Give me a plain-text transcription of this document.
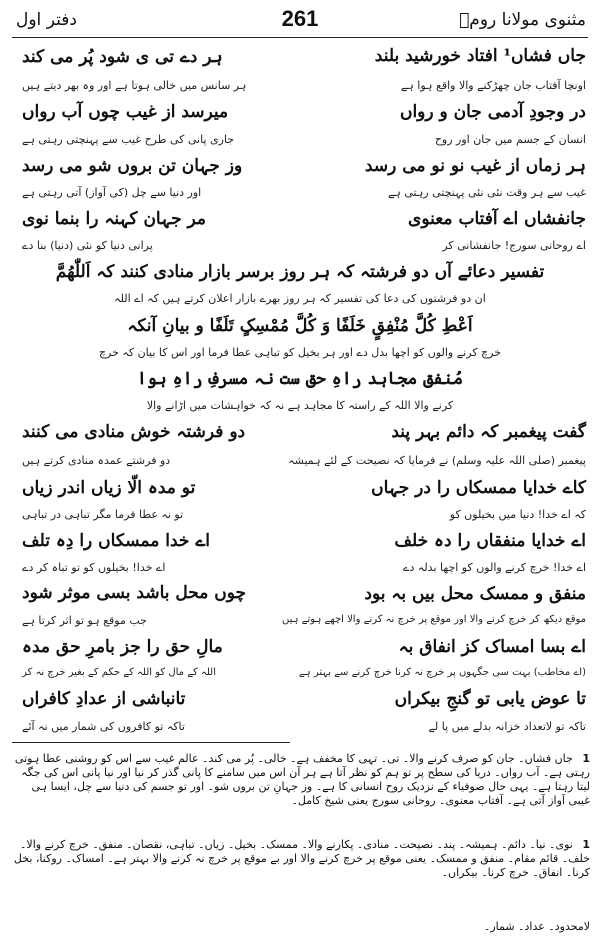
مثنوی مولانا رومؒ
261
دفتر اول
جاں فشاں¹ افتاد خورشید بلند
ہر دے تی ی شود پُر می کند
اونچا آفتاب جان چھڑکنے والا واقع ہوا ہے
ہر سانس میں خالی ہوتا ہے اور وہ بھر دیتے ہیں
در وجودِ آدمی جان و رواں
میرسد از غیب چوں آب رواں
انسان کے جسم میں جان اور روح
جاری پانی کی طرح غیب سے پہنچتی رہتی ہے
ہر زماں از غیب نو نو می رسد
وز جہان تن بروں شو می رسد
غیب سے ہر وقت نئی نئی پہنچتی رہتی ہے
اور دنیا سے چل (کی آواز) آتی رہتی ہے
جانفشاں اے آفتاب معنوی
مر جہان کہنہ را بنما نوی
اے روحانی سورج! جانفشانی کر
پرانی دنیا کو نئی (دنیا) بنا دے
تفسیر دعائے آں دو فرشتہ کہ ہر روز برسر بازار منادی کنند کہ اَللّٰھُمَّ
ان دو فرشتوں کی دعا کی تفسیر کہ ہر روز بھرے بازار اعلان کرتے ہیں کہ اے اللہ
اَعْطِ کُلَّ مُنْفِقٍ خَلَفًا وَ کُلَّ مُمْسِکٍ تَلَفًا و بیانِ آنکہ
خرچ کرنے والوں کو اچھا بدل دے اور ہر بخیل کو تباہی عطا فرما اور اس کا بیان کہ خرچ
مُنفق مجاہد راہِ حق ست نہ مسرفِ راہِ ہوا
کرنے والا اللہ کے راستہ کا مجاہد ہے نہ کہ خواہشات میں اڑانے والا
گفت پیغمبر کہ دائم بہر پند
دو فرشتہ خوش منادی می کنند
پیغمبر (صلی اللہ علیہ وسلم) نے فرمایا کہ نصیحت کے لئے ہمیشہ
دو فرشتے عمدہ منادی کرتے ہیں
کاے خدایا ممسکاں را در جہاں
تو مدہ الّا زیاں اندر زیاں
کہ اے خدا! دنیا میں بخیلوں کو
تو نہ عطا فرما مگر تباہی در تباہی
اے خدایا منفقاں را دہ خلف
اے خدا ممسکاں را دِہ تلف
اے خدا! خرچ کرنے والوں کو اچھا بدلہ دے
اے خدا! بخیلوں کو تو تباہ کر دے
منفق و ممسک محل بیں بہ بود
چوں محل باشد بسی موثر شود
موقع دیکھ کر خرچ کرنے والا اور موقع پر خرچ نہ کرنے والا اچھے ہوتے ہیں
جب موقع ہو تو اثر کرتا ہے
اے بسا امساک کز انفاق بہ
مالِ حق را جز بامرِ حق مدہ
(اے مخاطب) بہت سی جگہوں پر خرچ نہ کرنا خرچ کرنے سے بہتر ہے
اللہ کے مال کو اللہ کے حکم کے بغیر خرچ نہ کر
تا عوض یابی تو گنجِ بیکراں
تانباشی از عدادِ کافراں
تاکہ تو لاتعداد خزانہ بدلے میں پا لے
تاکہ تو کافروں کی شمار میں نہ آئے
1 جاں فشاں۔ جان کو صرف کرنے والا۔ تی۔ تہی کا مخفف ہے۔ خالی۔ پُر می کند۔ عالم غیب سے اس کو روشنی عطا ہوتی رہتی ہے۔ آب رواں۔ دریا کی سطح پر تو ہم کو نظر آتا ہے ہر آن اس میں سامنے کا پانی گذر کر نیا اور نیا پانی اس کی جگہ لیتا رہتا ہے۔ یہی حال صوفیاء کے نزدیک روح انسانی کا ہے۔ وز جہانِ تن بروں شو۔ اور تو جسم کی دنیا سے چل، ایسا ہی غیبی آواز آتی ہے۔ آفتاب معنوی۔ روحانی سورج یعنی شیخ کامل۔
1 نوی۔ نیا۔ دائم۔ ہمیشہ۔ پند۔ نصیحت۔ منادی۔ پکارنے والا۔ ممسک۔ بخیل۔ زیاں۔ تباہی، نقصان۔ منفق۔ خرچ کرنے والا۔ خلف۔ قائم مقام۔ منفق و ممسک۔ یعنی موقع پر خرچ کرنے والا اور بے موقع پر خرچ نہ کرنے والا بہتر ہے۔ امساک۔ روکنا، بخل کرنا۔ انفاق۔ خرچ کرنا۔ بیکراں۔
لامحدود۔ عداد۔ شمار۔
